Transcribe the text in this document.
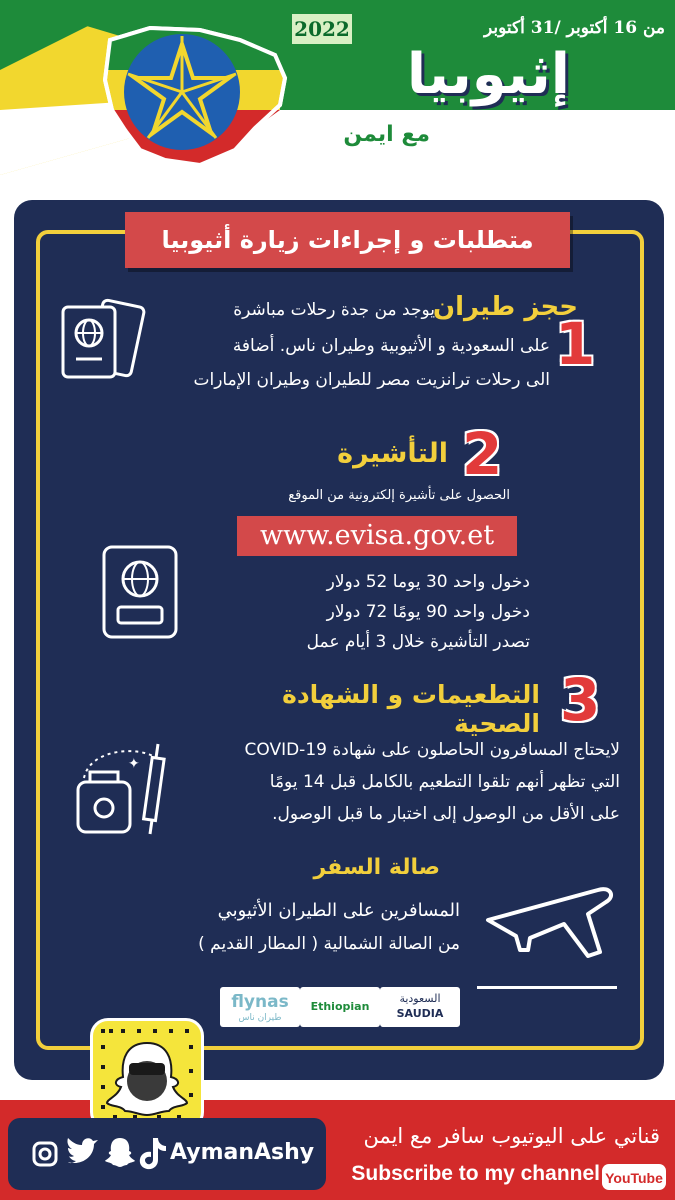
من 16 أكتوبر /31 أكتوبر
2022
إثيوبيا
مع ايمن
متطلبات و إجراءات زيارة أثيوبيا
1
حجز طيران
يوجد من جدة رحلات مباشرة
على السعودية و الأثيوبية وطيران ناس. أضافة
الى رحلات ترانزيت مصر للطيران وطيران الإمارات
2
التأشيرة
الحصول على تأشيرة إلكترونية من الموقع
www.evisa.gov.et
دخول واحد 30 يوما 52 دولار
دخول واحد 90 يومًا 72 دولار
تصدر التأشيرة خلال 3 أيام عمل
3
التطعيمات و الشهادة الصحية
✦
لايحتاج المسافرون الحاصلون على شهادة COVID-19
التي تظهر أنهم تلقوا التطعيم بالكامل قبل 14 يومًا
على الأقل من الوصول إلى اختبار ما قبل الوصول.
صالة السفر
المسافرين على الطيران الأثيوبي
من الصالة الشمالية ( المطار القديم )
flynas
طيران ناس
Ethiopian
السعودية
SAUDIA
AymanAshy
قناتي على اليوتيوب سافر مع ايمن
Subscribe to my channel YouTube
